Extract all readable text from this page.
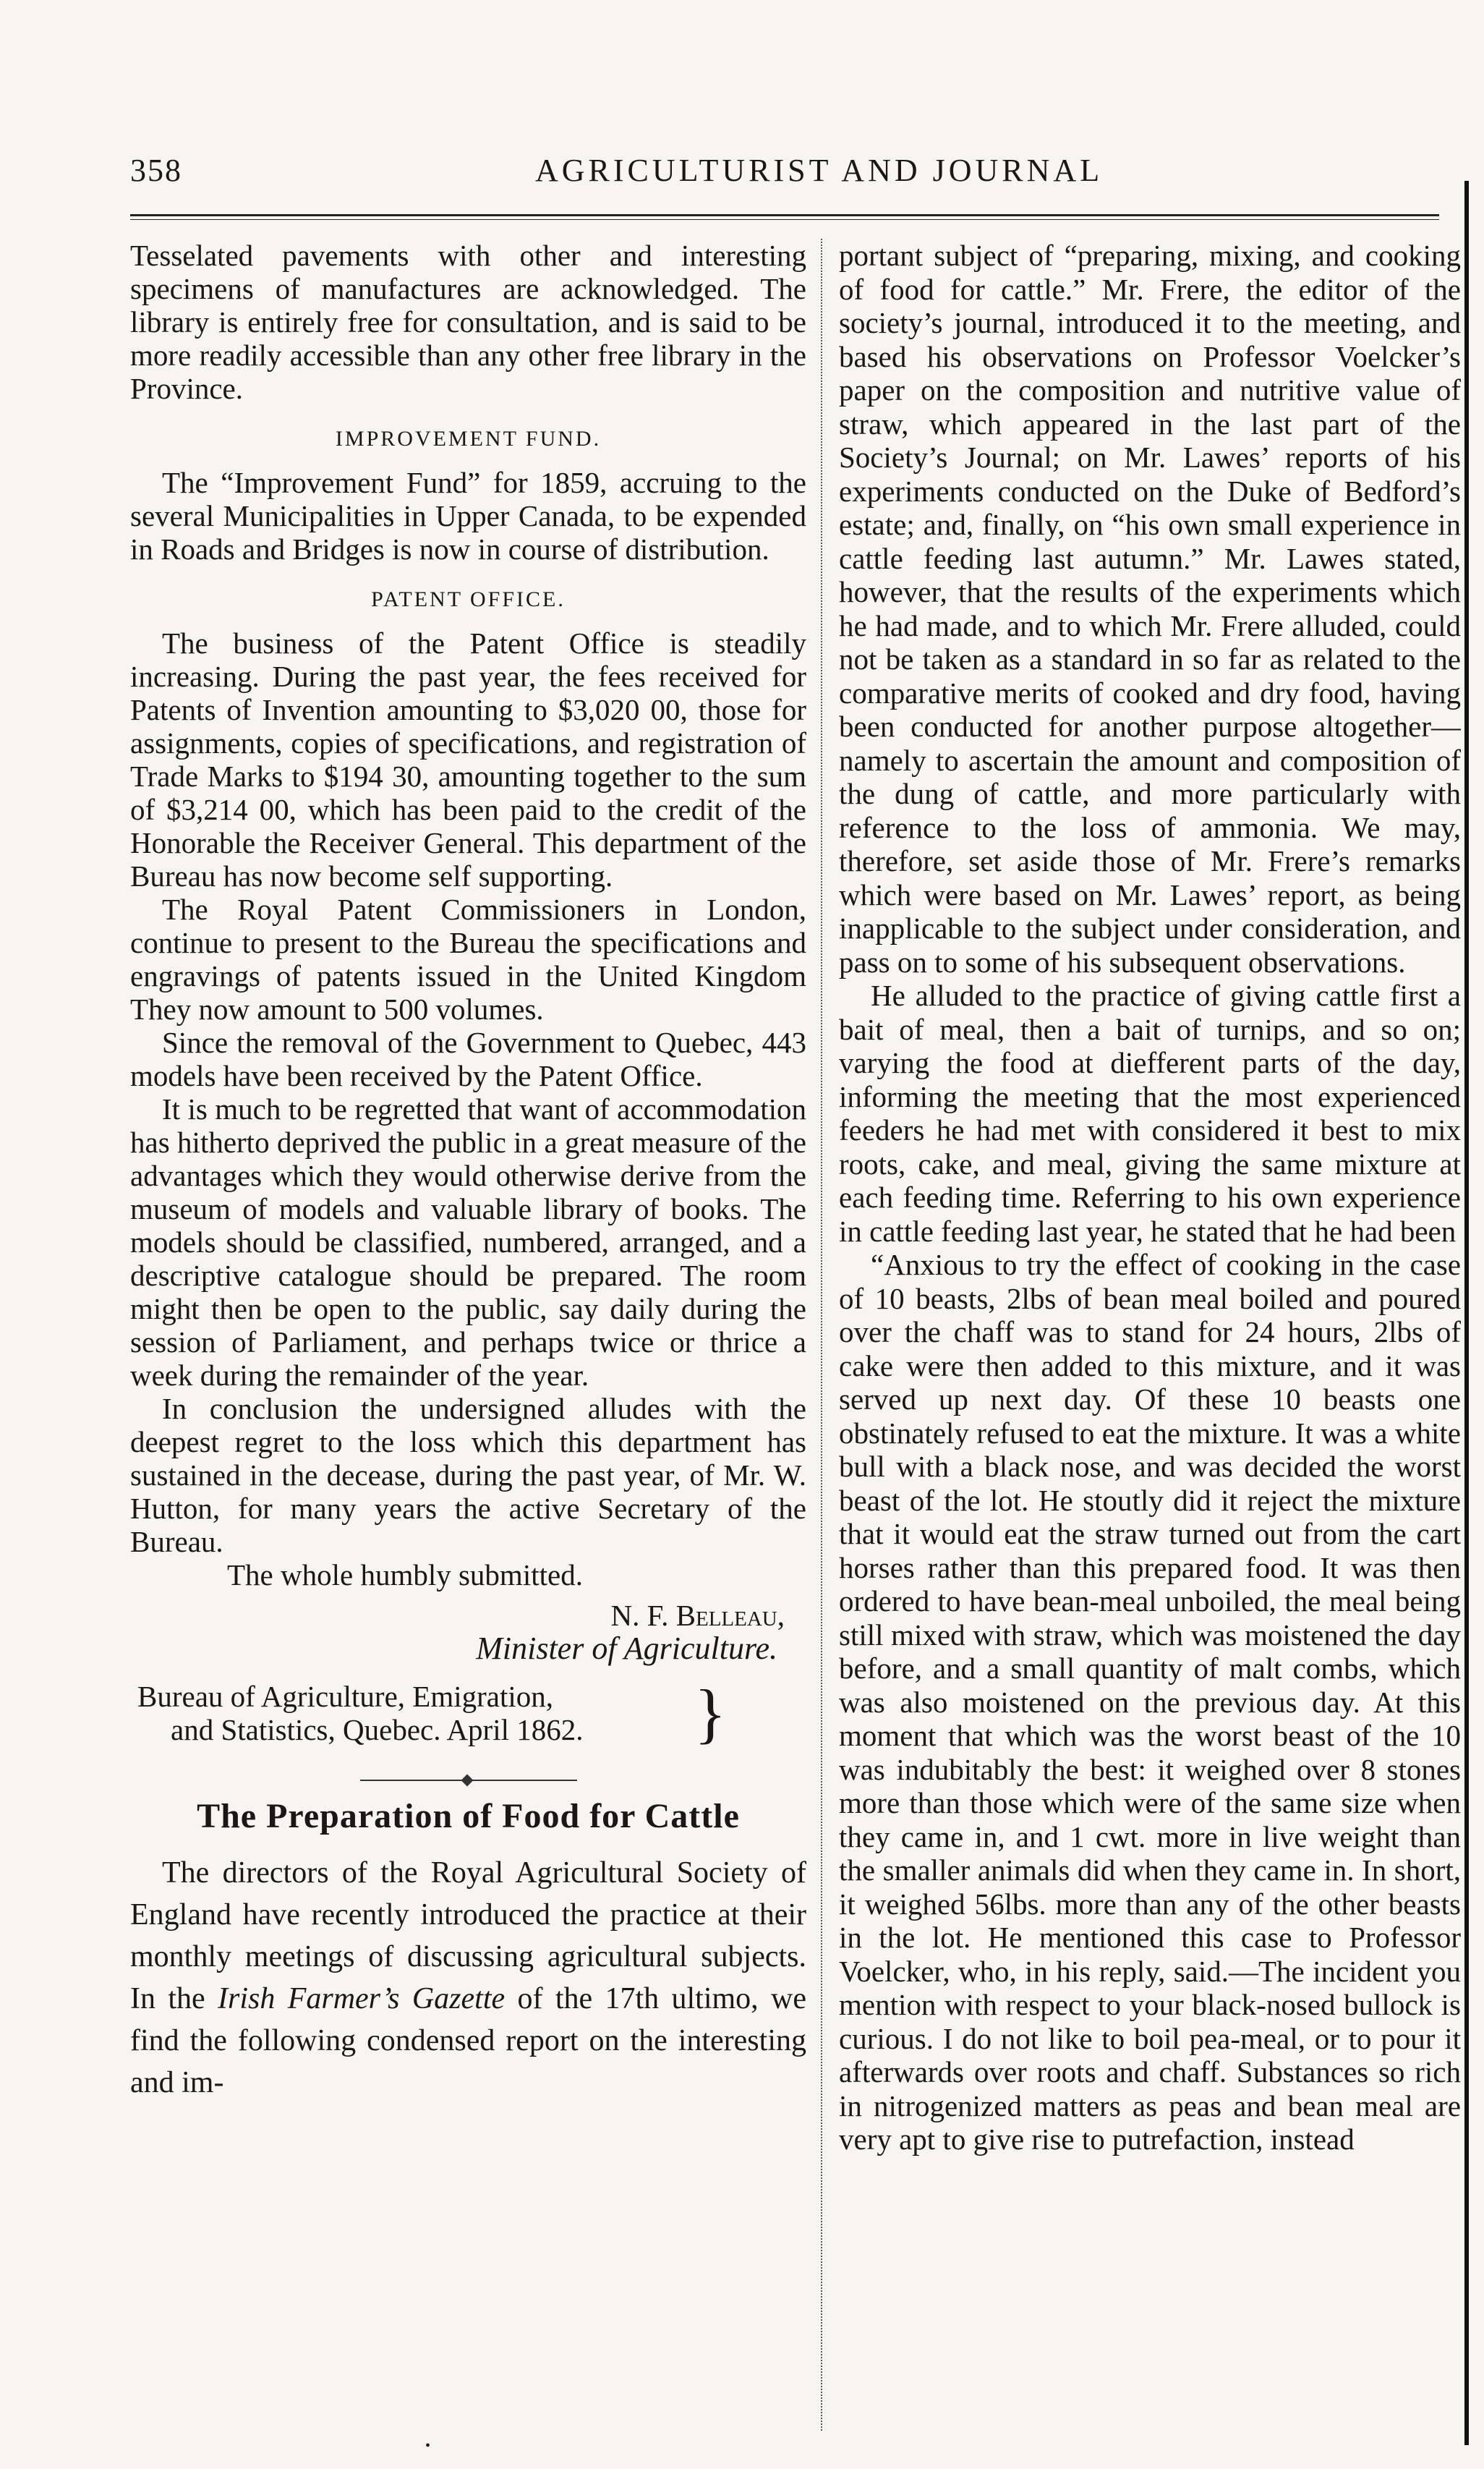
358	AGRICULTURIST AND JOURNAL

Tesselated pavements with other and interesting specimens of manufactures are acknowledged. The library is entirely free for consultation, and is said to be more readily accessible than any other free library in the Province.

IMPROVEMENT FUND.

The “Improvement Fund” for 1859, accruing to the several Municipalities in Upper Canada, to be expended in Roads and Bridges is now in course of distribution.

PATENT OFFICE.

The business of the Patent Office is steadily increasing. During the past year, the fees received for Patents of Invention amounting to $3,020 00, those for assignments, copies of specifications, and registration of Trade Marks to $194 30, amounting together to the sum of $3,214 00, which has been paid to the credit of the Honorable the Receiver General. This department of the Bureau has now become self supporting.

The Royal Patent Commissioners in London, continue to present to the Bureau the specifications and engravings of patents issued in the United Kingdom They now amount to 500 volumes.

Since the removal of the Government to Quebec, 443 models have been received by the Patent Office.

It is much to be regretted that want of accommodation has hitherto deprived the public in a great measure of the advantages which they would otherwise derive from the museum of models and valuable library of books. The models should be classified, numbered, arranged, and a descriptive catalogue should be prepared. The room might then be open to the public, say daily during the session of Parliament, and perhaps twice or thrice a week during the remainder of the year.

In conclusion the undersigned alludes with the deepest regret to the loss which this department has sustained in the decease, during the past year, of Mr. W. Hutton, for many years the active Secretary of the Bureau.

The whole humbly submitted.

N. F. Belleau,
Minister of Agriculture.
Bureau of Agriculture, Emigration,
and Statistics, Quebec. April 1862.	}
The Preparation of Food for Cattle

The directors of the Royal Agricultural Society of England have recently introduced the practice at their monthly meetings of discussing agricultural subjects. In the Irish Farmer’s Gazette of the 17th ultimo, we find the following condensed report on the interesting and im-

portant subject of “preparing, mixing, and cooking of food for cattle.” Mr. Frere, the editor of the society’s journal, introduced it to the meeting, and based his observations on Professor Voelcker’s paper on the composition and nutritive value of straw, which appeared in the last part of the Society’s Journal; on Mr. Lawes’ reports of his experiments conducted on the Duke of Bedford’s estate; and, finally, on “his own small experience in cattle feeding last autumn.” Mr. Lawes stated, however, that the results of the experiments which he had made, and to which Mr. Frere alluded, could not be taken as a standard in so far as related to the comparative merits of cooked and dry food, having been conducted for another purpose altogether—namely to ascertain the amount and composition of the dung of cattle, and more particularly with reference to the loss of ammonia. We may, therefore, set aside those of Mr. Frere’s remarks which were based on Mr. Lawes’ report, as being inapplicable to the subject under consideration, and pass on to some of his subsequent observations.

He alluded to the practice of giving cattle first a bait of meal, then a bait of turnips, and so on; varying the food at diefferent parts of the day, informing the meeting that the most experienced feeders he had met with considered it best to mix roots, cake, and meal, giving the same mixture at each feeding time. Referring to his own experience in cattle feeding last year, he stated that he had been

“Anxious to try the effect of cooking in the case of 10 beasts, 2lbs of bean meal boiled and poured over the chaff was to stand for 24 hours, 2lbs of cake were then added to this mixture, and it was served up next day. Of these 10 beasts one obstinately refused to eat the mixture. It was a white bull with a black nose, and was decided the worst beast of the lot. He stoutly did it reject the mixture that it would eat the straw turned out from the cart horses rather than this prepared food. It was then ordered to have bean-meal unboiled, the meal being still mixed with straw, which was moistened the day before, and a small quantity of malt combs, which was also moistened on the previous day. At this moment that which was the worst beast of the 10 was indubitably the best: it weighed over 8 stones more than those which were of the same size when they came in, and 1 cwt. more in live weight than the smaller animals did when they came in. In short, it weighed 56lbs. more than any of the other beasts in the lot. He mentioned this case to Professor Voelcker, who, in his reply, said.—The incident you mention with respect to your black-nosed bullock is curious. I do not like to boil pea-meal, or to pour it afterwards over roots and chaff. Substances so rich in nitrogenized matters as peas and bean meal are very apt to give rise to putrefaction, instead

•
